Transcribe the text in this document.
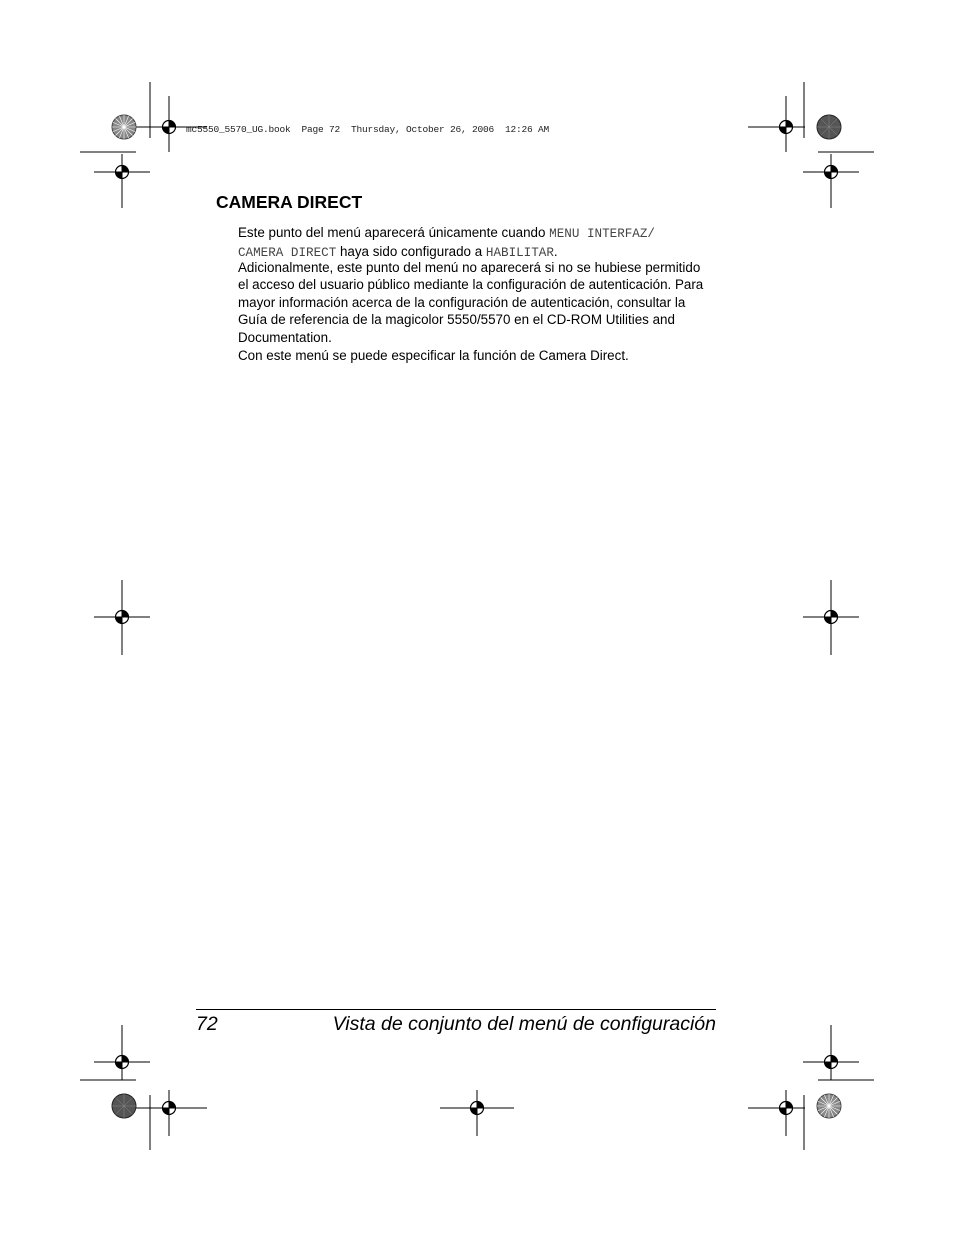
mc5550_5570_UG.book  Page 72  Thursday, October 26, 2006  12:26 AM
CAMERA DIRECT
Este punto del menú aparecerá únicamente cuando MENU INTERFAZ/
CAMERA DIRECT haya sido configurado a HABILITAR.
Adicionalmente, este punto del menú no aparecerá si no se hubiese permitido el acceso del usuario público mediante la configuración de autenticación. Para mayor información acerca de la configuración de autenticación, consultar la Guía de referencia de la magicolor 5550/5570 en el CD-ROM Utilities and Documentation.
Con este menú se puede especificar la función de Camera Direct.
72	Vista de conjunto del menú de configuración
